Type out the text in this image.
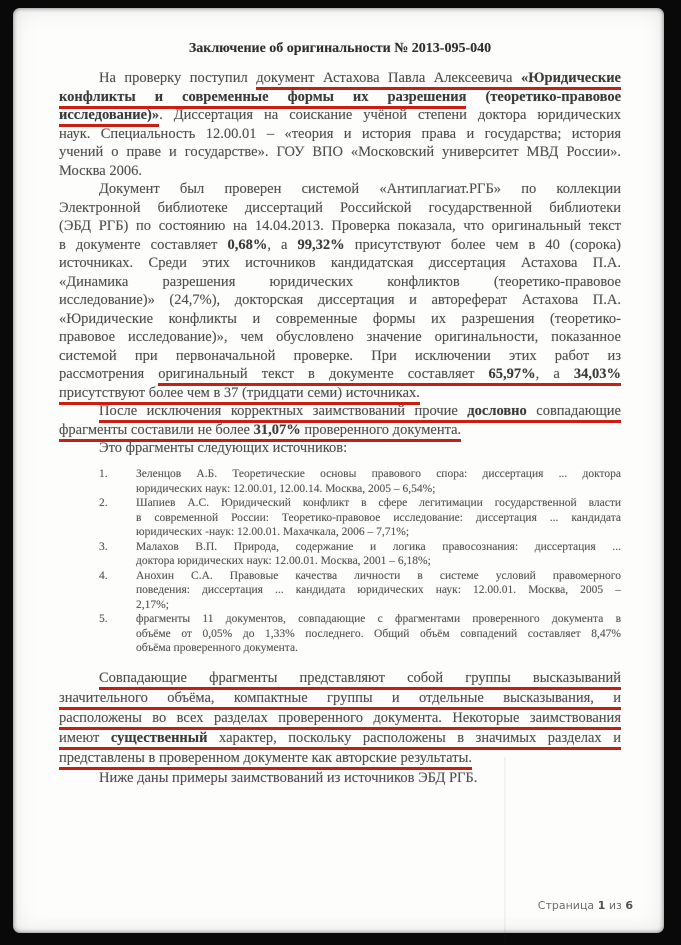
Заключение об оригинальности № 2013-095-040
На проверку поступил документ Астахова Павла Алексеевича «Юридические
конфликты и современные формы их разрешения (теоретико-правовое
исследование)». Диссертация на соискание учёной степени доктора юридических
наук. Специальность 12.00.01 – «теория и история права и государства; история
учений о праве и государстве». ГОУ ВПО «Московский университет МВД России».
Москва 2006.
Документ был проверен системой «Антиплагиат.РГБ» по коллекции
Электронной библиотеке диссертаций Российской государственной библиотеки
(ЭБД РГБ) по состоянию на 14.04.2013. Проверка показала, что оригинальный текст
в документе составляет 0,68%, а 99,32% присутствуют более чем в 40 (сорока)
источниках. Среди этих источников кандидатская диссертация Астахова П.А.
«Динамика разрешения юридических конфликтов (теоретико-правовое
исследование)» (24,7%), докторская диссертация и автореферат Астахова П.А.
«Юридические конфликты и современные формы их разрешения (теоретико-
правовое исследование)», чем обусловлено значение оригинальности, показанное
системой при первоначальной проверке. При исключении этих работ из
рассмотрения оригинальный текст в документе составляет 65,97%, а 34,03%
присутствуют более чем в 37 (тридцати семи) источниках.
После исключения корректных заимствований прочие дословно совпадающие
фрагменты составили не более 31,07% проверенного документа.
Это фрагменты следующих источников:
1.	Зеленцов А.Б. Теоретические основы правового спора: диссертация ... доктора
юридических наук: 12.00.01, 12.00.14. Москва, 2005 – 6,54%;
2.	Шапиев А.С. Юридический конфликт в сфере легитимации государственной власти
в современной России: Теоретико-правовое исследование: диссертация ... кандидата
юридических -наук: 12.00.01. Махачкала, 2006 – 7,71%;
3.	Малахов В.П. Природа, содержание и логика правосознания: диссертация ...
доктора юридических наук: 12.00.01. Москва, 2001 – 6,18%;
4.	Анохин С.А. Правовые качества личности в системе условий правомерного
поведения: диссертация ... кандидата юридических наук: 12.00.01. Москва, 2005 –
2,17%;
5.	фрагменты 11 документов, совпадающие с фрагментами проверенного документа в
объёме от 0,05% до 1,33% последнего. Общий объём совпадений составляет 8,47%
объёма проверенного документа.
Совпадающие фрагменты представляют собой группы высказываний
значительного объёма, компактные группы и отдельные высказывания, и
расположены во всех разделах проверенного документа. Некоторые заимствования
имеют существенный характер, поскольку расположены в значимых разделах и
представлены в проверенном документе как авторские результаты.
Ниже даны примеры заимствований из источников ЭБД РГБ.
Страница 1 из 6
